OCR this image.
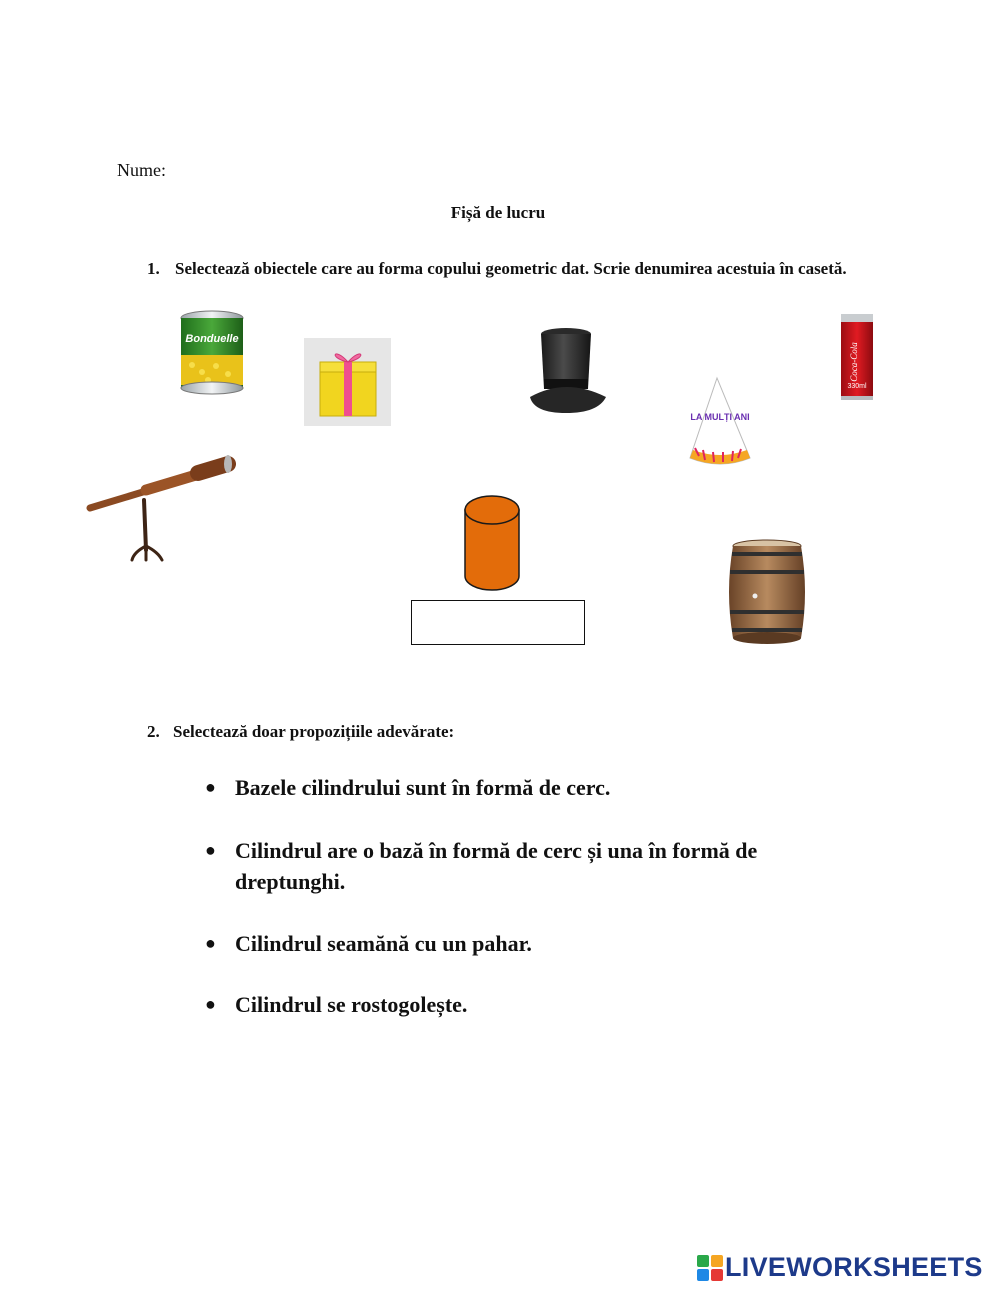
Nume:
Fișă de lucru
1. Selectează obiectele care au forma copului geometric dat. Scrie denumirea acestuia în casetă.
Bonduelle
LA MULȚI ANI
Coca-Cola
330ml
2. Selectează doar propozițiile adevărate:
● Bazele cilindrului sunt în formă de cerc.
● Cilindrul are o bază în formă de cerc și una în formă de dreptunghi.
● Cilindrul seamănă cu un pahar.
● Cilindrul se rostogolește.
LIVEWORKSHEETS
